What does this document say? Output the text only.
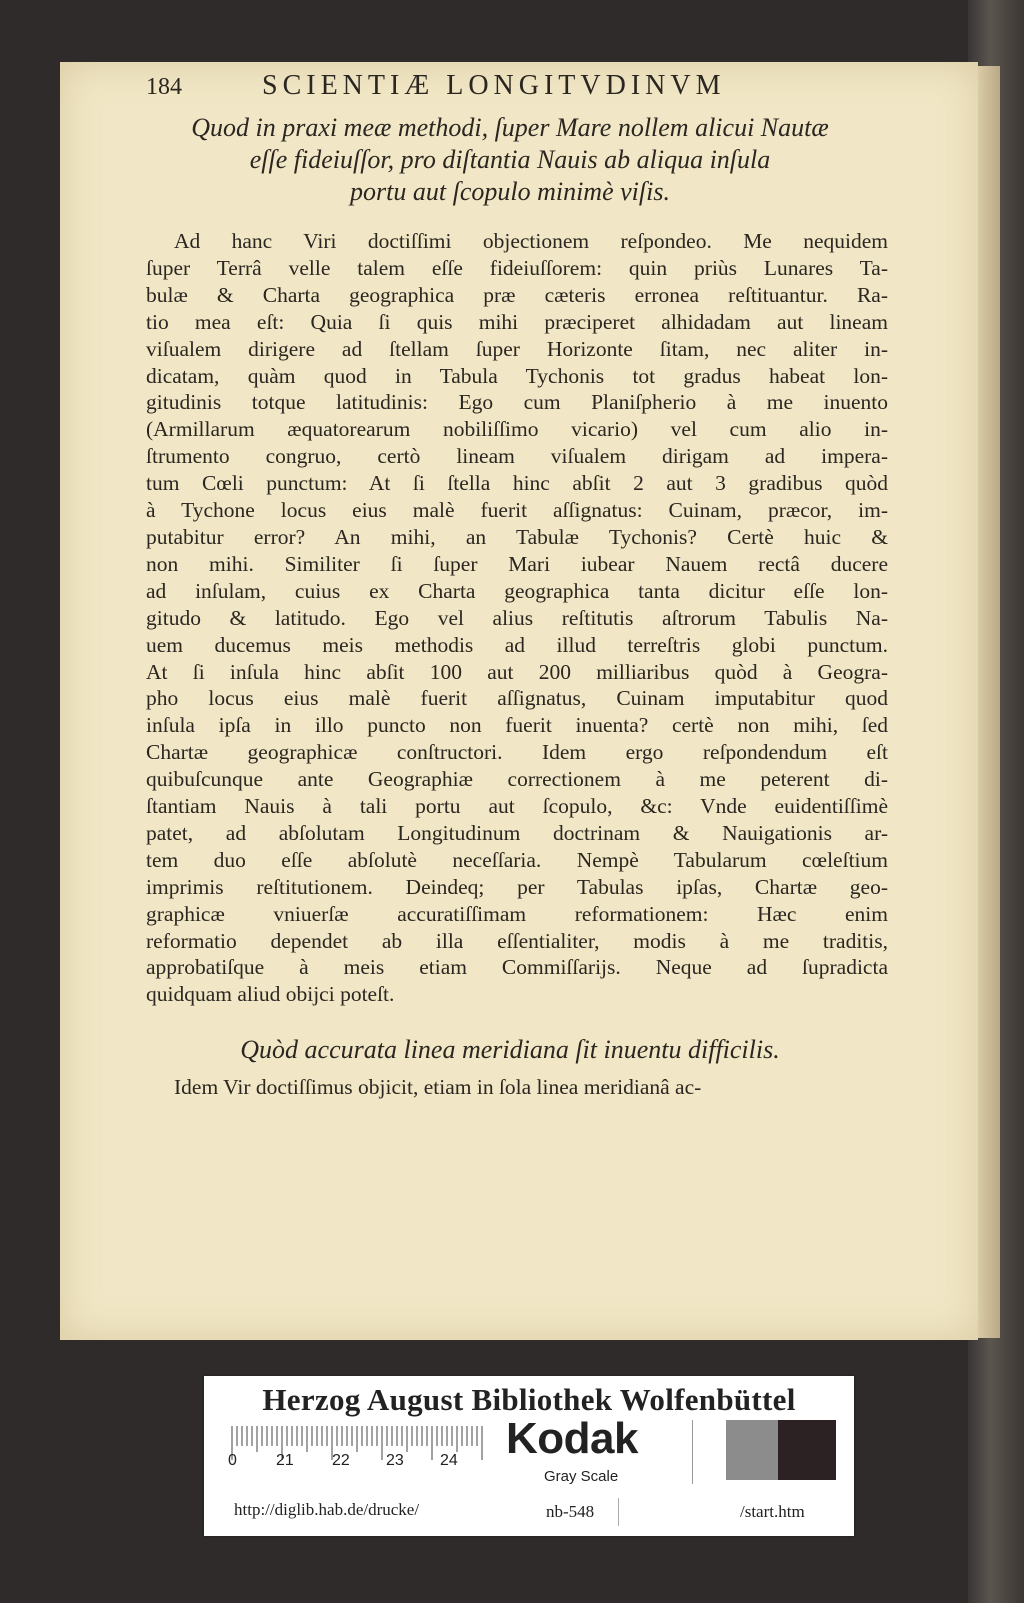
184	SCIENTIÆ LONGITVDINVM
Quod in praxi meæ methodi, ſuper Mare nollem alicui Nautæ
eſſe fideiuſſor, pro diſtantia Nauis ab aliqua inſula
portu aut ſcopulo minimè viſis.
Ad hanc Viri doctiſſimi objectionem reſpondeo. Me nequidem
ſuper Terrâ velle talem eſſe fideiuſſorem: quin priùs Lunares Ta-
bulæ & Charta geographica præ cæteris erronea reſtituantur. Ra-
tio mea eſt: Quia ſi quis mihi præciperet alhidadam aut lineam
viſualem dirigere ad ſtellam ſuper Horizonte ſitam, nec aliter in-
dicatam, quàm quod in Tabula Tychonis tot gradus habeat lon-
gitudinis totque latitudinis: Ego cum Planiſpherio à me inuento
(Armillarum æquatorearum nobiliſſimo vicario) vel cum alio in-
ſtrumento congruo, certò lineam viſualem dirigam ad impera-
tum Cœli punctum: At ſi ſtella hinc abſit 2 aut 3 gradibus quòd
à Tychone locus eius malè fuerit aſſignatus: Cuinam, præcor, im-
putabitur error? An mihi, an Tabulæ Tychonis? Certè huic &
non mihi. Similiter ſi ſuper Mari iubear Nauem rectâ ducere
ad inſulam, cuius ex Charta geographica tanta dicitur eſſe lon-
gitudo & latitudo. Ego vel alius reſtitutis aſtrorum Tabulis Na-
uem ducemus meis methodis ad illud terreſtris globi punctum.
At ſi inſula hinc abſit 100 aut 200 milliaribus quòd à Geogra-
pho locus eius malè fuerit aſſignatus, Cuinam imputabitur quod
inſula ipſa in illo puncto non fuerit inuenta? certè non mihi, ſed
Chartæ geographicæ conſtructori. Idem ergo reſpondendum eſt
quibuſcunque ante Geographiæ correctionem à me peterent di-
ſtantiam Nauis à tali portu aut ſcopulo, &c: Vnde euidentiſſimè
patet, ad abſolutam Longitudinum doctrinam & Nauigationis ar-
tem duo eſſe abſolutè neceſſaria. Nempè Tabularum cœleſtium
imprimis reſtitutionem. Deindeq; per Tabulas ipſas, Chartæ geo-
graphicæ vniuerſæ accuratiſſimam reformationem: Hæc enim
reformatio dependet ab illa eſſentialiter, modis à me traditis,
approbatiſque à meis etiam Commiſſarijs. Neque ad ſupradicta
quidquam aliud obijci poteſt.
Quòd accurata linea meridiana ſit inuentu difficilis.
Idem Vir doctiſſimus objicit, etiam in ſola linea meridianâ ac-
Herzog August Bibliothek Wolfenbüttel
0 21 22 23 24 Kodak
Gray Scale
http://diglib.hab.de/drucke/	nb-548	/start.htm
